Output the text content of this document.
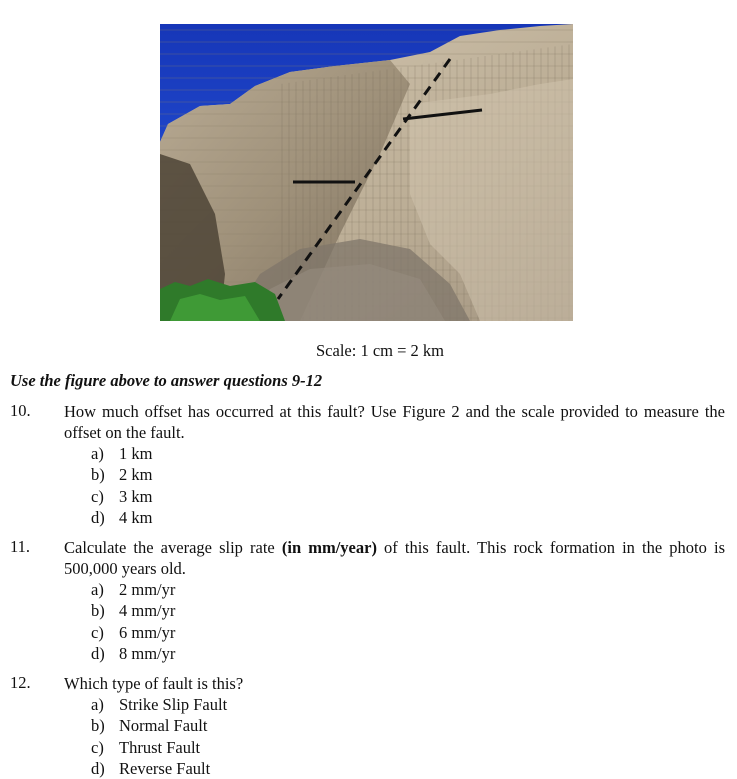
Scale: 1 cm = 2 km
Use the figure above to answer questions 9-12
10. How much offset has occurred at this fault? Use Figure 2 and the scale provided to measure the offset on the fault.
a) 1 km
b) 2 km
c) 3 km
d) 4 km
11. Calculate the average slip rate (in mm/year) of this fault. This rock formation in the photo is 500,000 years old.
a) 2 mm/yr
b) 4 mm/yr
c) 6 mm/yr
d) 8 mm/yr
12. Which type of fault is this?
a) Strike Slip Fault
b) Normal Fault
c) Thrust Fault
d) Reverse Fault
